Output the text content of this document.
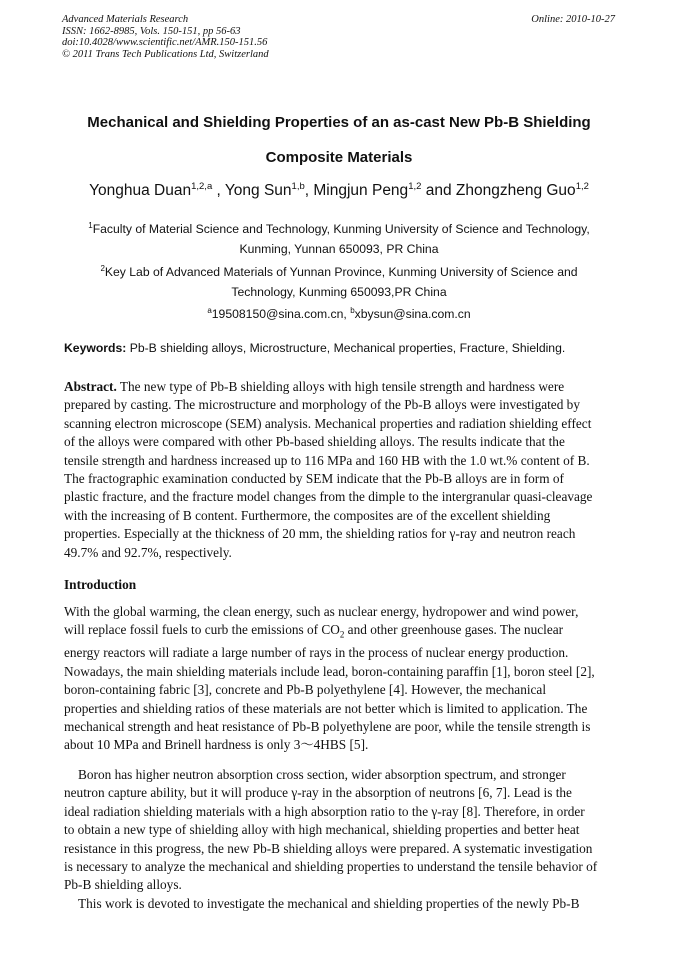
Advanced Materials Research
ISSN: 1662-8985, Vols. 150-151, pp 56-63
doi:10.4028/www.scientific.net/AMR.150-151.56
© 2011 Trans Tech Publications Ltd, Switzerland
Online: 2010-10-27
Mechanical and Shielding Properties of an as-cast New Pb-B Shielding
Composite Materials
Yonghua Duan$^{1,2,a}$ , Yong Sun$^{1,b}$, Mingjun Peng$^{1,2}$ and Zhongzheng Guo$^{1,2}$
$^1$Faculty of Material Science and Technology, Kunming University of Science and Technology,
Kunming, Yunnan 650093, PR China
$^2$Key Lab of Advanced Materials of Yunnan Province, Kunming University of Science and
Technology, Kunming 650093,PR China
$^a$19508150@sina.com.cn, $^b$xbysun@sina.com.cn
Keywords: Pb-B shielding alloys, Microstructure, Mechanical properties, Fracture, Shielding.
Abstract. The new type of Pb-B shielding alloys with high tensile strength and hardness were
prepared by casting. The microstructure and morphology of the Pb-B alloys were investigated by
scanning electron microscope (SEM) analysis. Mechanical properties and radiation shielding effect
of the alloys were compared with other Pb-based shielding alloys. The results indicate that the
tensile strength and hardness increased up to 116 MPa and 160 HB with the 1.0 wt.% content of B.
The fractographic examination conducted by SEM indicate that the Pb-B alloys are in form of
plastic fracture, and the fracture model changes from the dimple to the intergranular quasi-cleavage
with the increasing of B content. Furthermore, the composites are of the excellent shielding
properties. Especially at the thickness of 20 mm, the shielding ratios for γ-ray and neutron reach
49.7% and 92.7%, respectively.
Introduction
With the global warming, the clean energy, such as nuclear energy, hydropower and wind power,
will replace fossil fuels to curb the emissions of $CO_2$ and other greenhouse gases. The nuclear
energy reactors will radiate a large number of rays in the process of nuclear energy production.
Nowadays, the main shielding materials include lead, boron-containing paraffin [1], boron steel [2],
boron-containing fabric [3], concrete and Pb-B polyethylene [4]. However, the mechanical
properties and shielding ratios of these materials are not better which is limited to application. The
mechanical strength and heat resistance of Pb-B polyethylene are poor, while the tensile strength is
about 10 MPa and Brinell hardness is only 3～4HBS [5].
Boron has higher neutron absorption cross section, wider absorption spectrum, and stronger
neutron capture ability, but it will produce γ-ray in the absorption of neutrons [6, 7]. Lead is the
ideal radiation shielding materials with a high absorption ratio to the γ-ray [8]. Therefore, in order
to obtain a new type of shielding alloy with high mechanical, shielding properties and better heat
resistance in this progress, the new Pb-B shielding alloys were prepared. A systematic investigation
is necessary to analyze the mechanical and shielding properties to understand the tensile behavior of
Pb-B shielding alloys.
This work is devoted to investigate the mechanical and shielding properties of the newly Pb-B
